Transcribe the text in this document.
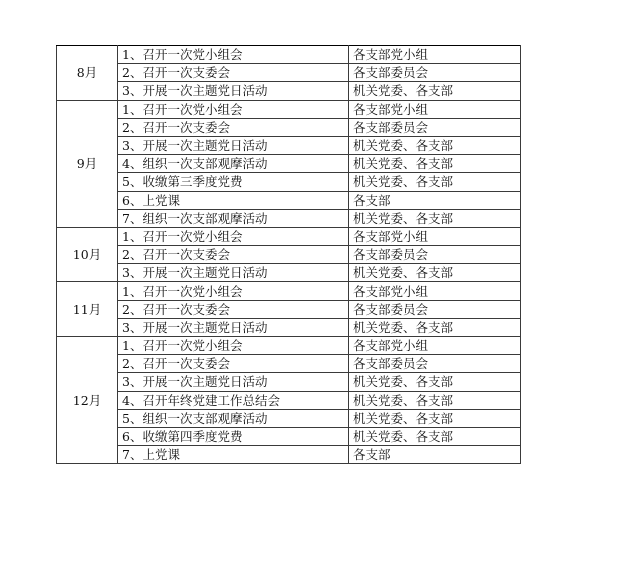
8月	1、召开一次党小组会	各支部党小组
	2、召开一次支委会	各支部委员会
	3、开展一次主题党日活动	机关党委、各支部
9月	1、召开一次党小组会	各支部党小组
	2、召开一次支委会	各支部委员会
	3、开展一次主题党日活动	机关党委、各支部
	4、组织一次支部观摩活动	机关党委、各支部
	5、收缴第三季度党费	机关党委、各支部
	6、上党课	各支部
	7、组织一次支部观摩活动	机关党委、各支部
10月	1、召开一次党小组会	各支部党小组
	2、召开一次支委会	各支部委员会
	3、开展一次主题党日活动	机关党委、各支部
11月	1、召开一次党小组会	各支部党小组
	2、召开一次支委会	各支部委员会
	3、开展一次主题党日活动	机关党委、各支部
12月	1、召开一次党小组会	各支部党小组
	2、召开一次支委会	各支部委员会
	3、开展一次主题党日活动	机关党委、各支部
	4、召开年终党建工作总结会	机关党委、各支部
	5、组织一次支部观摩活动	机关党委、各支部
	6、收缴第四季度党费	机关党委、各支部
	7、上党课	各支部
